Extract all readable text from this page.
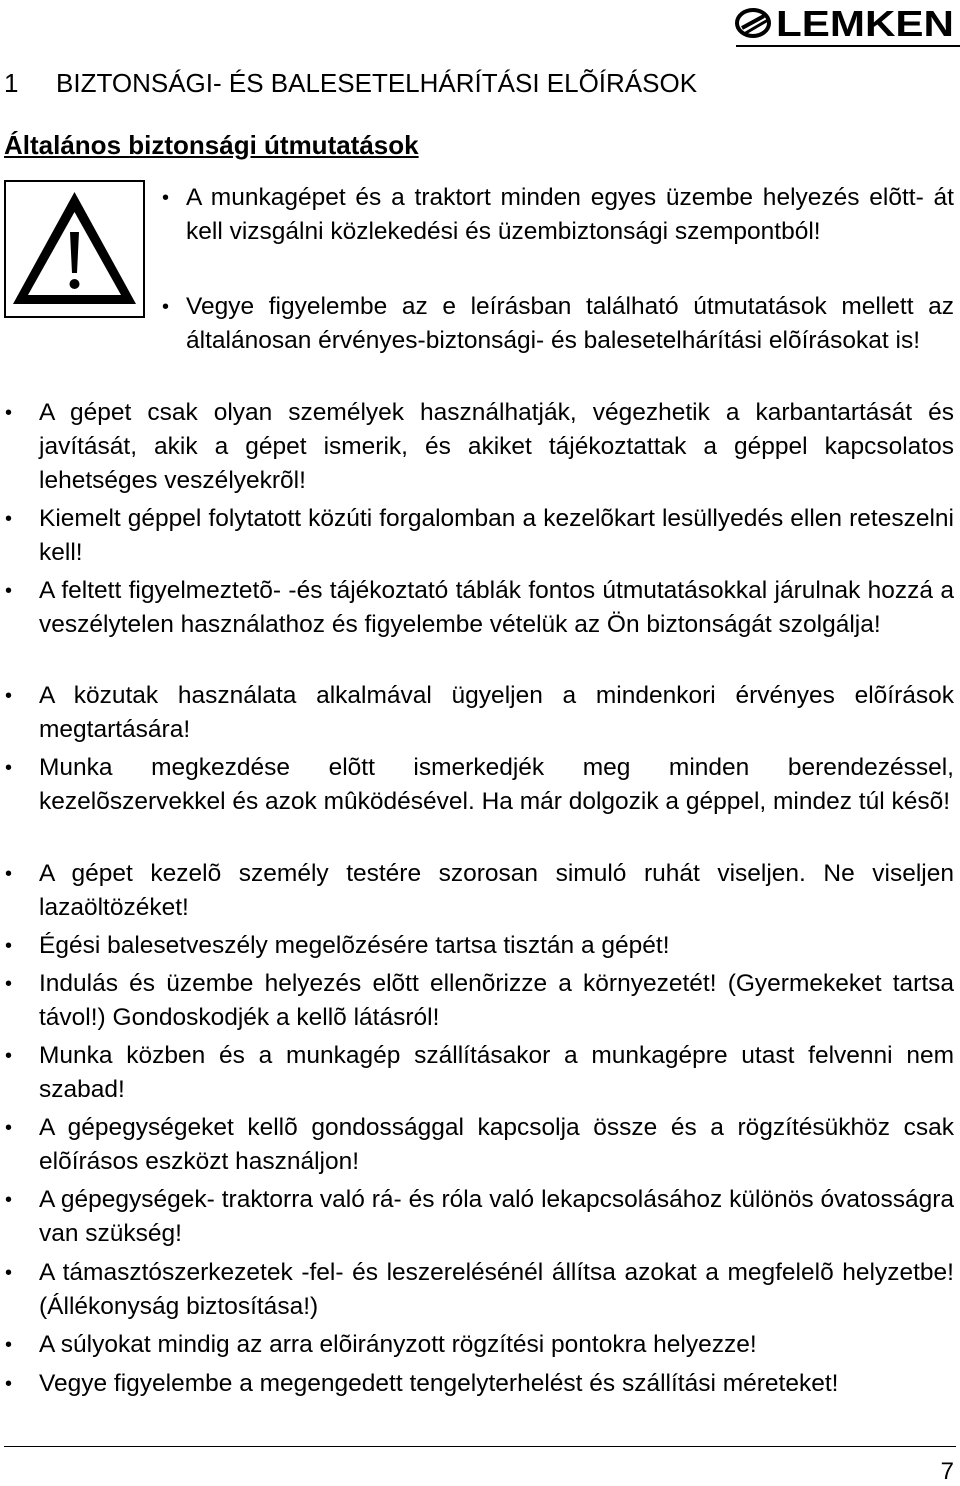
LEMKEN
1 BIZTONSÁGI- ÉS BALESETELHÁRÍTÁSI ELÕÍRÁSOK
Általános biztonsági útmutatások
• A munkagépet és a traktort minden egyes üzembe helyezés elõtt- át kell vizsgálni közlekedési és üzembiztonsági szempontból!
• Vegye figyelembe az e leírásban található útmutatások mellett az általánosan érvényes-biztonsági- és balesetelhárítási elõírásokat is!
• A gépet csak olyan személyek használhatják, végezhetik a karbantartását és javítását, akik a gépet ismerik, és akiket tájékoztattak a géppel kapcsolatos lehetséges veszélyekrõl!
• Kiemelt géppel folytatott közúti forgalomban a kezelõkart lesüllyedés ellen reteszelni kell!
• A feltett figyelmeztetõ- -és tájékoztató táblák fontos útmutatásokkal járulnak hozzá a veszélytelen használathoz és figyelembe vételük az Ön biztonságát szolgálja!
• A közutak használata alkalmával ügyeljen a mindenkori érvényes elõírások megtartására!
• Munka megkezdése elõtt ismerkedjék meg minden berendezéssel, kezelõszervekkel és azok mûködésével. Ha már dolgozik a géppel, mindez túl késõ!
• A gépet kezelõ személy testére szorosan simuló ruhát viseljen. Ne viseljen lazaöltözéket!
• Égési balesetveszély megelõzésére tartsa tisztán a gépét!
• Indulás és üzembe helyezés elõtt ellenõrizze a környezetét! (Gyermekeket tartsa távol!) Gondoskodjék a kellõ látásról!
• Munka közben és a munkagép szállításakor a munkagépre utast felvenni nem szabad!
• A gépegységeket kellõ gondossággal kapcsolja össze és a rögzítésükhöz csak elõírásos eszközt használjon!
• A gépegységek- traktorra való rá- és róla való lekapcsolásához különös óvatosságra van szükség!
• A támasztószerkezetek -fel- és leszerelésénél állítsa azokat a megfelelõ helyzetbe! (Állékonyság biztosítása!)
• A súlyokat mindig az arra elõirányzott rögzítési pontokra helyezze!
• Vegye figyelembe a megengedett tengelyterhelést és szállítási méreteket!
7
